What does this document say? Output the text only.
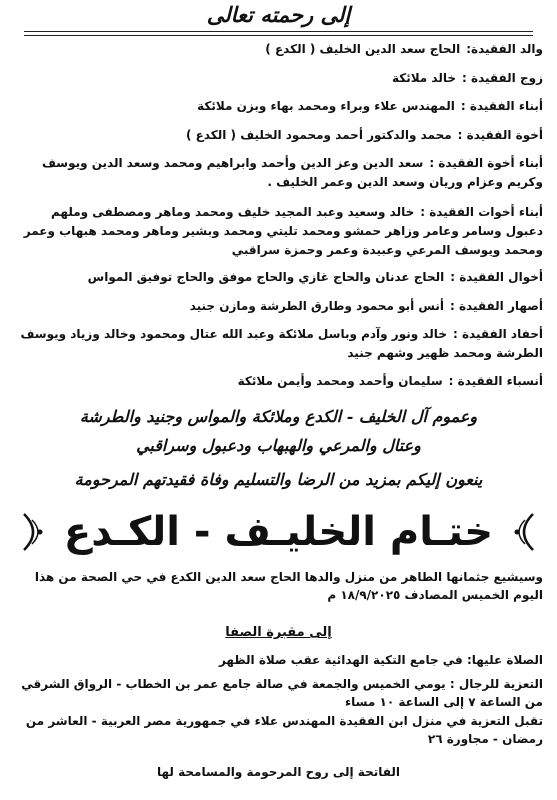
إلى رحمته تعالى
والد الفقيدة:الحاج سعد الدين الخليف ( الكدع )
زوج الفقيدة :خالد ملائكة
أبناء الفقيدة :المهندس علاء وبراء ومحمد بهاء وبزن ملائكة
أخوة الفقيدة :محمد والدكتور أحمد ومحمود الخليف ( الكدع )
أبناء أخوة الفقيدة :سعد الدين وعز الدين وأحمد وابراهيم ومحمد وسعد الدين ويوسف وكريم وعزام وريان وسعد الدين وعمر الخليف .
أبناء أخوات الفقيدة :خالد وسعيد وعبد المجيد خليف ومحمد وماهر ومصطفى وملهم دعبول وسامر وعامر وزاهر حمشو ومحمد تليتي ومحمد وبشير وماهر ومحمد هبهاب وعمر ومحمد ويوسف المرعي وعبيدة وعمر وحمزة سراقبي
أخوال الفقيدة :الحاج عدنان والحاج غازي والحاج موفق والحاج توفيق المواس
أصهار الفقيدة :أنس أبو محمود وطارق الطرشة ومازن جنيد
أحفاد الفقيدة :خالد ونور وآدم وباسل ملائكة وعبد الله عتال ومحمود وخالد وزياد ويوسف الطرشة ومحمد ظهير وشهم جنيد
أنسباء الفقيدة :سليمان وأحمد ومحمد وأيمن ملائكة
وعموم آل الخليف - الكدع وملائكة والمواس وجنيد والطرشة
وعتال والمرعي والهبهاب ودعبول وسراقبي
ينعون إليكم بمزيد من الرضا والتسليم وفاة فقيدتهم المرحومة
ختـام الخليـف - الكـدع
وسيشيع جثمانها الطاهر من منزل والدها الحاج سعد الدين الكدع في حي الصحة من هذا اليوم الخميس المصادف ١٨/٩/٢٠٢٥ م
إلى مقبرة الصفا
الصلاة عليها: في جامع التكية الهدائية عقب صلاة الظهر
التعزية للرجال : يومي الخميس والجمعة في صالة جامع عمر بن الخطاب - الرواق الشرقي من الساعة ٧ إلى الساعة ١٠ مساء
تقبل التعزية في منزل ابن الفقيدة المهندس علاء في جمهورية مصر العربية - العاشر من رمضان - مجاورة ٢٦
الفاتحة إلى روح المرحومة والمسامحة لها
